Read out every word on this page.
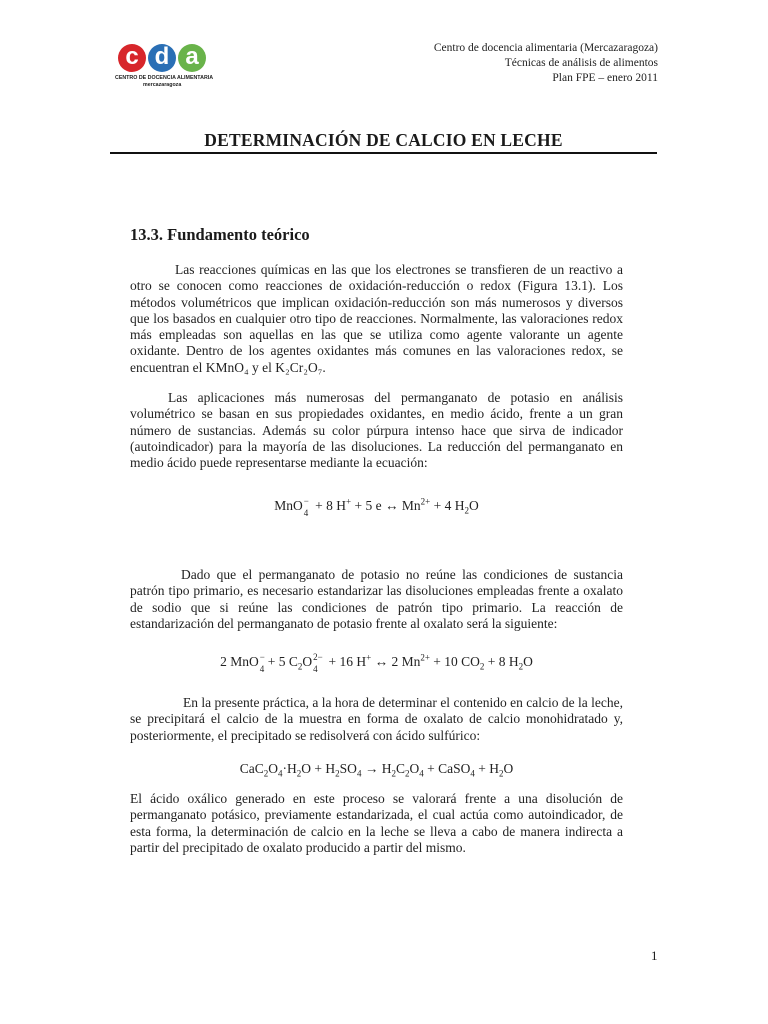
c d a
CENTRO DE DOCENCIA ALIMENTARIA
mercazaragoza
Centro de docencia alimentaria (Mercazaragoza)
Técnicas de análisis de alimentos
Plan FPE – enero 2011
DETERMINACIÓN DE CALCIO EN LECHE
13.3. Fundamento teórico
Las reacciones químicas en las que los electrones se transfieren de un reactivo a otro se conocen como reacciones de oxidación-reducción o redox (Figura 13.1). Los métodos volumétricos que implican oxidación-reducción son más numerosos y diversos que los basados en cualquier otro tipo de reacciones. Normalmente, las valoraciones redox más empleadas son aquellas en las que se utiliza como agente valorante un agente oxidante. Dentro de los agentes oxidantes más comunes en las valoraciones redox, se encuentran el KMnO₄ y el K₂Cr₂O₇.
Las aplicaciones más numerosas del permanganato de potasio en análisis volumétrico se basan en sus propiedades oxidantes, en medio ácido, frente a un gran número de sustancias. Además su color púrpura intenso hace que sirva de indicador (autoindicador) para la mayoría de las disoluciones. La reducción del permanganato en medio ácido puede representarse mediante la ecuación:
MnO −
4 + 8 H+ + 5 e ↔ $Mn^{2+} + 4$ $H_2O$
Dado que el permanganato de potasio no reúne las condiciones de sustancia patrón tipo primario, es necesario estandarizar las disoluciones empleadas frente a oxalato de sodio que si reúne las condiciones de patrón tipo primario. La reacción de estandarización del permanganato de potasio frente al oxalato será la siguiente:
2 MnO −
4 + 5 $C_2O$ 2−
4 + 16 H+ ↔ 2 $Mn^{2+} + 10$ $CO_2 + 8$ $H_2O$
En la presente práctica, a la hora de determinar el contenido en calcio de la leche, se precipitará el calcio de la muestra en forma de oxalato de calcio monohidratado y, posteriormente, el precipitado se redisolverá con ácido sulfúrico:
$CaC_2O_4\cdot H_2O + H_2SO_4 \to H_2C_2O_4$ + CaSO$_4$ + $H_2O$
El ácido oxálico generado en este proceso se valorará frente a una disolución de permanganato potásico, previamente estandarizada, el cual actúa como autoindicador, de esta forma, la determinación de calcio en la leche se lleva a cabo de manera indirecta a partir del precipitado de oxalato producido a partir del mismo.
1
